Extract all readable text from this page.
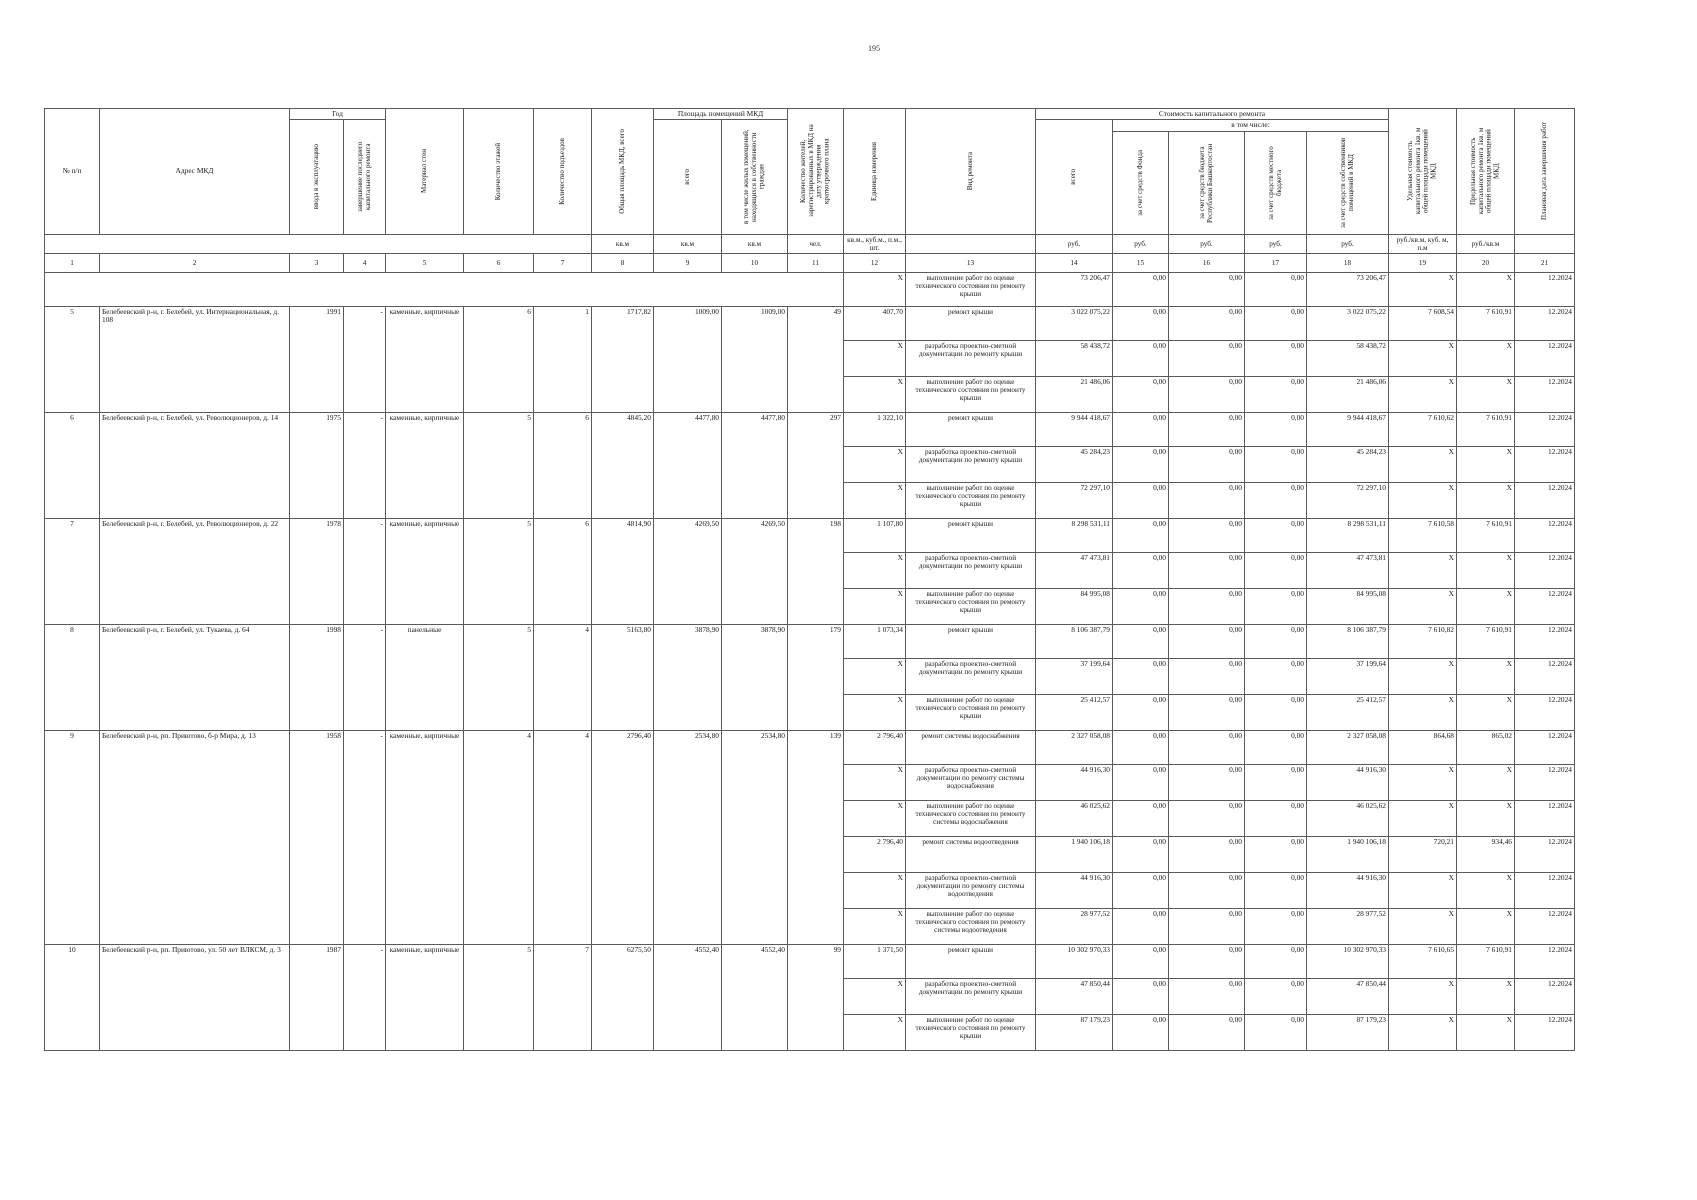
195
№ п/п	Адрес МКД	Год		Материал стен	Количество этажей	Количество подъездов	Общая площадь МКД, всего	Площадь помещений МКД		Количество жителей, зарегистрированных в МКД на дату утверждения краткосрочного плана	Единица измерения	Вид ремонта	Стоимость капитального ремонта					Удельная стоимость капитального ремонта 1кв. м общей площади помещений МКД	Предельная стоимость капитального ремонта 1кв. м общей площади помещений МКД	Плановая дата завершения работ

		ввода в эксплуатацию	завершение последнего капитального ремонта					всего	в том числе жилых помещений, находящихся в собственности граждан				всего	в том числе:						

														за счет средств Фонда	за счет средств бюджета Республики Башкортостан	за счет средств местного бюджета	за счет средств собственников помещений в МКД			

							кв.м	кв.м	кв.м	чел.	кв.м., куб.м., п.м., шт.		руб.	руб.	руб.	руб.	руб.	руб./кв.м, куб. м, п.м	руб./кв.м	
1	2	3	4	5	6	7	8	9	10	11	12	13	14	15	16	17	18	19	20	21
											X	выполнение работ по оценке технического состояния по ремонту крыши	73 206,47	0,00	0,00	0,00	73 206,47	X	X	12.2024
5	Белебеевский р-н, г. Белебей, ул. Интернациональная, д. 108	1991	-	каменные, кирпичные	6	1	1717,82	1009,00	1009,00	49	407,70	ремонт крыши	3 022 075,22	0,00	0,00	0,00	3 022 075,22	7 608,54	7 610,91	12.2024
											X	разработка проектно-сметной документации по ремонту крыши	58 438,72	0,00	0,00	0,00	58 438,72	X	X	12.2024
											X	выполнение работ по оценке технического состояния по ремонту крыши	21 486,06	0,00	0,00	0,00	21 486,06	X	X	12.2024
6	Белебеевский р-н, г. Белебей, ул. Революционеров, д. 14	1975	-	каменные, кирпичные	5	6	4845,20	4477,80	4477,80	297	1 322,10	ремонт крыши	9 944 418,67	0,00	0,00	0,00	9 944 418,67	7 610,62	7 610,91	12.2024
											X	разработка проектно-сметной документации по ремонту крыши	45 284,23	0,00	0,00	0,00	45 284,23	X	X	12.2024
											X	выполнение работ по оценке технического состояния по ремонту крыши	72 297,10	0,00	0,00	0,00	72 297,10	X	X	12.2024
7	Белебеевский р-н, г. Белебей, ул. Революционеров, д. 22	1978	-	каменные, кирпичные	5	6	4814,90	4269,50	4269,50	198	1 107,80	ремонт крыши	8 298 531,11	0,00	0,00	0,00	8 298 531,11	7 610,58	7 610,91	12.2024
											X	разработка проектно-сметной документации по ремонту крыши	47 473,81	0,00	0,00	0,00	47 473,81	X	X	12.2024
											X	выполнение работ по оценке технического состояния по ремонту крыши	84 995,08	0,00	0,00	0,00	84 995,08	X	X	12.2024
8	Белебеевский р-н, г. Белебей, ул. Тукаева, д. 64	1998	-	панельные	5	4	5163,80	3878,90	3878,90	179	1 073,34	ремонт крыши	8 106 387,79	0,00	0,00	0,00	8 106 387,79	7 610,82	7 610,91	12.2024
											X	разработка проектно-сметной документации по ремонту крыши	37 199,64	0,00	0,00	0,00	37 199,64	X	X	12.2024
											X	выполнение работ по оценке технического состояния по ремонту крыши	25 412,57	0,00	0,00	0,00	25 412,57	X	X	12.2024
9	Белебеевский р-н, рп. Приютово, б-р Мира, д. 13	1958	-	каменные, кирпичные	4	4	2796,40	2534,80	2534,80	139	2 796,40	ремонт системы водоснабжения	2 327 058,08	0,00	0,00	0,00	2 327 058,08	864,68	865,02	12.2024
											X	разработка проектно-сметной документации по ремонту системы водоснабжения	44 916,30	0,00	0,00	0,00	44 916,30	X	X	12.2024
											X	выполнение работ по оценке технического состояния по ремонту системы водоснабжения	46 025,62	0,00	0,00	0,00	46 025,62	X	X	12.2024
											2 796,40	ремонт системы водоотведения	1 940 106,18	0,00	0,00	0,00	1 940 106,18	720,21	934,46	12.2024
											X	разработка проектно-сметной документации по ремонту системы водоотведения	44 916,30	0,00	0,00	0,00	44 916,30	X	X	12.2024
											X	выполнение работ по оценке технического состояния по ремонту системы водоотведения	28 977,52	0,00	0,00	0,00	28 977,52	X	X	12.2024
10	Белебеевский р-н, рп. Приютово, ул. 50 лет ВЛКСМ, д. 3	1987	-	каменные, кирпичные	5	7	6275,50	4552,40	4552,40	99	1 371,50	ремонт крыши	10 302 970,33	0,00	0,00	0,00	10 302 970,33	7 610,65	7 610,91	12.2024
											X	разработка проектно-сметной документации по ремонту крыши	47 850,44	0,00	0,00	0,00	47 850,44	X	X	12.2024
											X	выполнение работ по оценке технического состояния по ремонту крыши	87 179,23	0,00	0,00	0,00	87 179,23	X	X	12.2024
